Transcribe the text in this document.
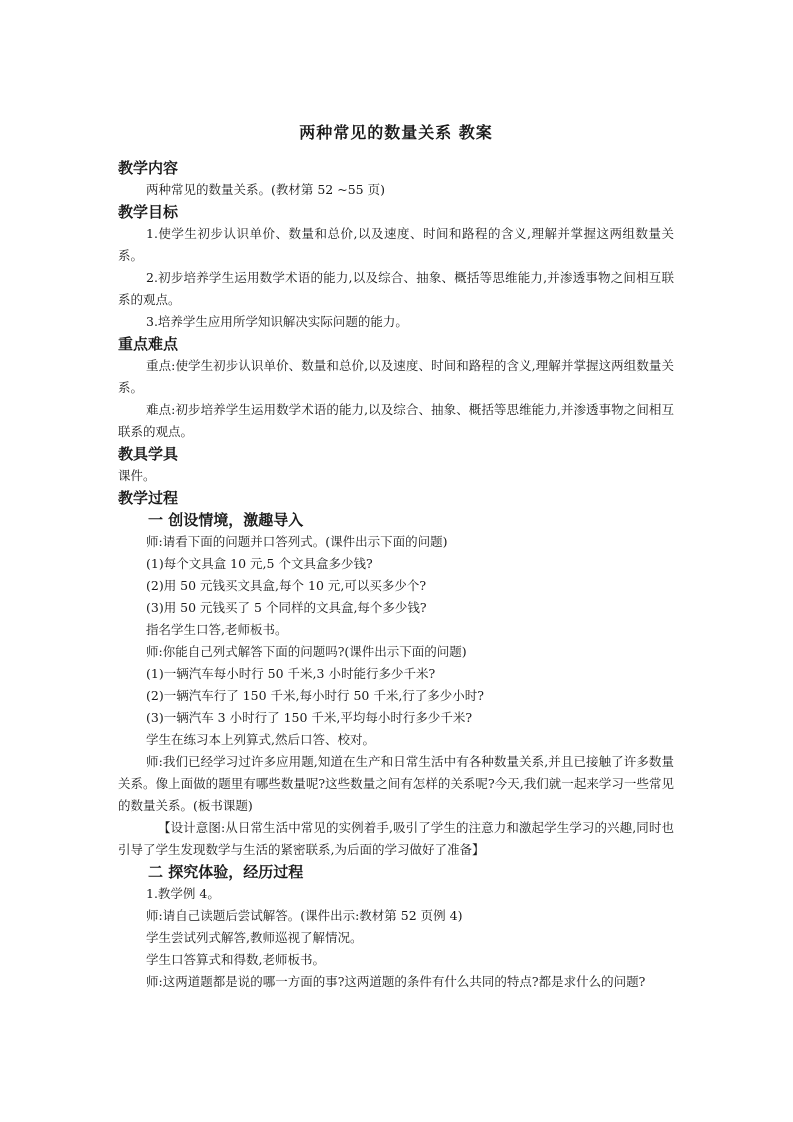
两种常见的数量关系 教案
教学内容

两种常见的数量关系。(教材第 52 ~55 页)

教学目标

1.使学生初步认识单价、数量和总价,以及速度、时间和路程的含义,理解并掌握这两组数量关系。

2.初步培养学生运用数学术语的能力,以及综合、抽象、概括等思维能力,并渗透事物之间相互联系的观点。

3.培养学生应用所学知识解决实际问题的能力。

重点难点

重点:使学生初步认识单价、数量和总价,以及速度、时间和路程的含义,理解并掌握这两组数量关系。

难点:初步培养学生运用数学术语的能力,以及综合、抽象、概括等思维能力,并渗透事物之间相互联系的观点。

教具学具

课件。

教学过程
一 创设情境，激趣导入

师:请看下面的问题并口答列式。(课件出示下面的问题)

(1)每个文具盒 10 元,5 个文具盒多少钱?

(2)用 50 元钱买文具盒,每个 10 元,可以买多少个?

(3)用 50 元钱买了 5 个同样的文具盒,每个多少钱?

指名学生口答,老师板书。

师:你能自己列式解答下面的问题吗?(课件出示下面的问题)

(1)一辆汽车每小时行 50 千米,3 小时能行多少千米?

(2)一辆汽车行了 150 千米,每小时行 50 千米,行了多少小时?

(3)一辆汽车 3 小时行了 150 千米,平均每小时行多少千米?

学生在练习本上列算式,然后口答、校对。

师:我们已经学习过许多应用题,知道在生产和日常生活中有各种数量关系,并且已接触了许多数量关系。像上面做的题里有哪些数量呢?这些数量之间有怎样的关系呢?今天,我们就一起来学习一些常见的数量关系。(板书课题)

【设计意图:从日常生活中常见的实例着手,吸引了学生的注意力和激起学生学习的兴趣,同时也引导了学生发现数学与生活的紧密联系,为后面的学习做好了准备】

二 探究体验，经历过程

1.教学例 4。

师:请自己读题后尝试解答。(课件出示:教材第 52 页例 4)

学生尝试列式解答,教师巡视了解情况。

学生口答算式和得数,老师板书。

师:这两道题都是说的哪一方面的事?这两道题的条件有什么共同的特点?都是求什么的问题?
